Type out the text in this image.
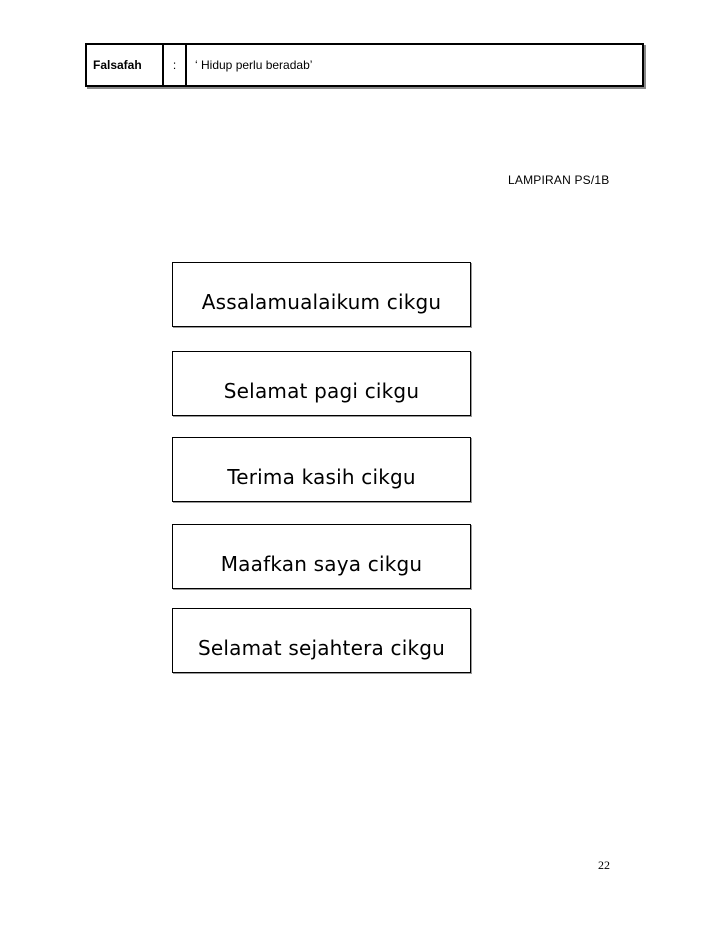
Falsafah	:	‘ Hidup perlu beradab’
LAMPIRAN PS/1B
Assalamualaikum cikgu
Selamat pagi cikgu
Terima kasih cikgu
Maafkan saya cikgu
Selamat sejahtera cikgu
22
